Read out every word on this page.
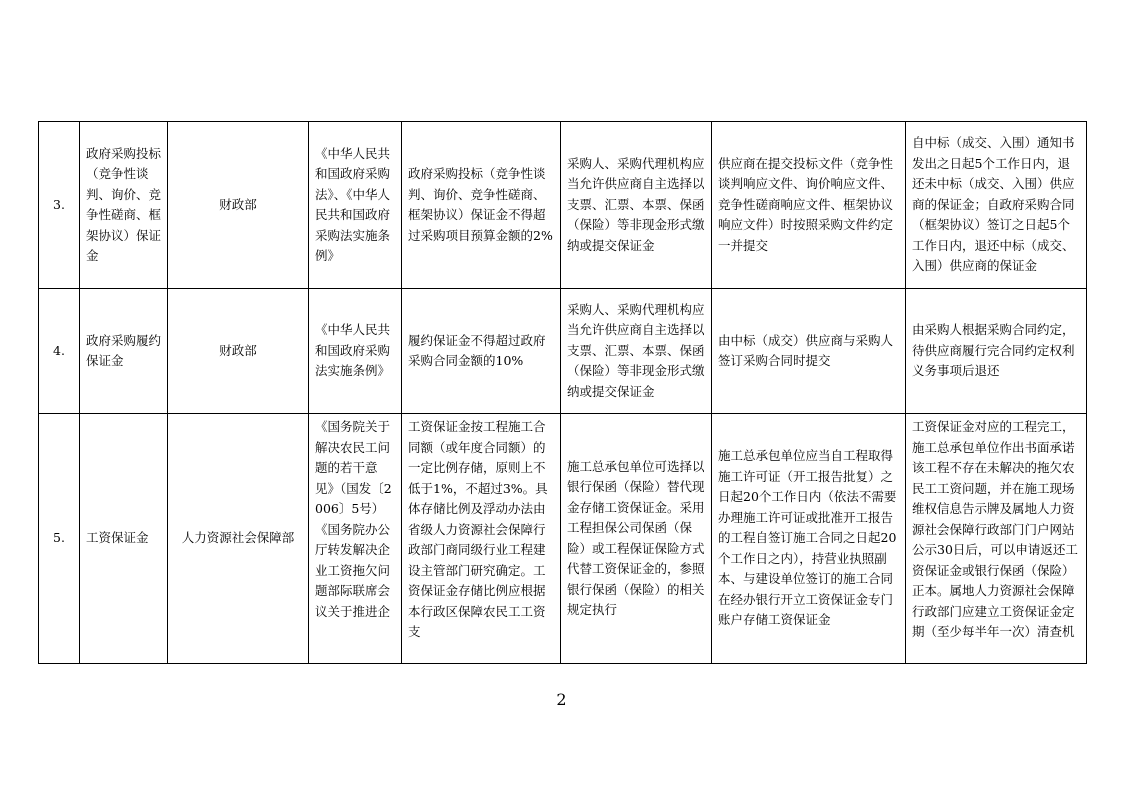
3.	政府采购投标（竞争性谈判、询价、竞争性磋商、框架协议）保证金	财政部	《中华人民共和国政府采购法》、《中华人民共和国政府采购法实施条例》	政府采购投标（竞争性谈判、询价、竞争性磋商、框架协议）保证金不得超过采购项目预算金额的2%	采购人、采购代理机构应当允许供应商自主选择以支票、汇票、本票、保函（保险）等非现金形式缴纳或提交保证金	供应商在提交投标文件（竞争性谈判响应文件、询价响应文件、竞争性磋商响应文件、框架协议响应文件）时按照采购文件约定一并提交	自中标（成交、入围）通知书发出之日起5个工作日内，退还未中标（成交、入围）供应商的保证金；自政府采购合同（框架协议）签订之日起5个工作日内，退还中标（成交、入围）供应商的保证金
4.	政府采购履约保证金	财政部	《中华人民共和国政府采购法实施条例》	履约保证金不得超过政府采购合同金额的10%	采购人、采购代理机构应当允许供应商自主选择以支票、汇票、本票、保函（保险）等非现金形式缴纳或提交保证金	由中标（成交）供应商与采购人签订采购合同时提交	由采购人根据采购合同约定，待供应商履行完合同约定权利义务事项后退还
5.	工资保证金	人力资源社会保障部	《国务院关于解决农民工问题的若干意见》（国发〔2006〕5号）《国务院办公厅转发解决企业工资拖欠问题部际联席会议关于推进企	工资保证金按工程施工合同额（或年度合同额）的一定比例存储，原则上不低于1%，不超过3%。具体存储比例及浮动办法由省级人力资源社会保障行政部门商同级行业工程建设主管部门研究确定。工资保证金存储比例应根据本行政区保障农民工工资支	施工总承包单位可选择以银行保函（保险）替代现金存储工资保证金。采用工程担保公司保函（保险）或工程保证保险方式代替工资保证金的，参照银行保函（保险）的相关规定执行	施工总承包单位应当自工程取得施工许可证（开工报告批复）之日起20个工作日内（依法不需要办理施工许可证或批准开工报告的工程自签订施工合同之日起20个工作日之内），持营业执照副本、与建设单位签订的施工合同在经办银行开立工资保证金专门账户存储工资保证金	工资保证金对应的工程完工，施工总承包单位作出书面承诺该工程不存在未解决的拖欠农民工工资问题，并在施工现场维权信息告示牌及属地人力资源社会保障行政部门门户网站公示30日后，可以申请返还工资保证金或银行保函（保险）正本。属地人力资源社会保障行政部门应建立工资保证金定期（至少每半年一次）清查机
2
